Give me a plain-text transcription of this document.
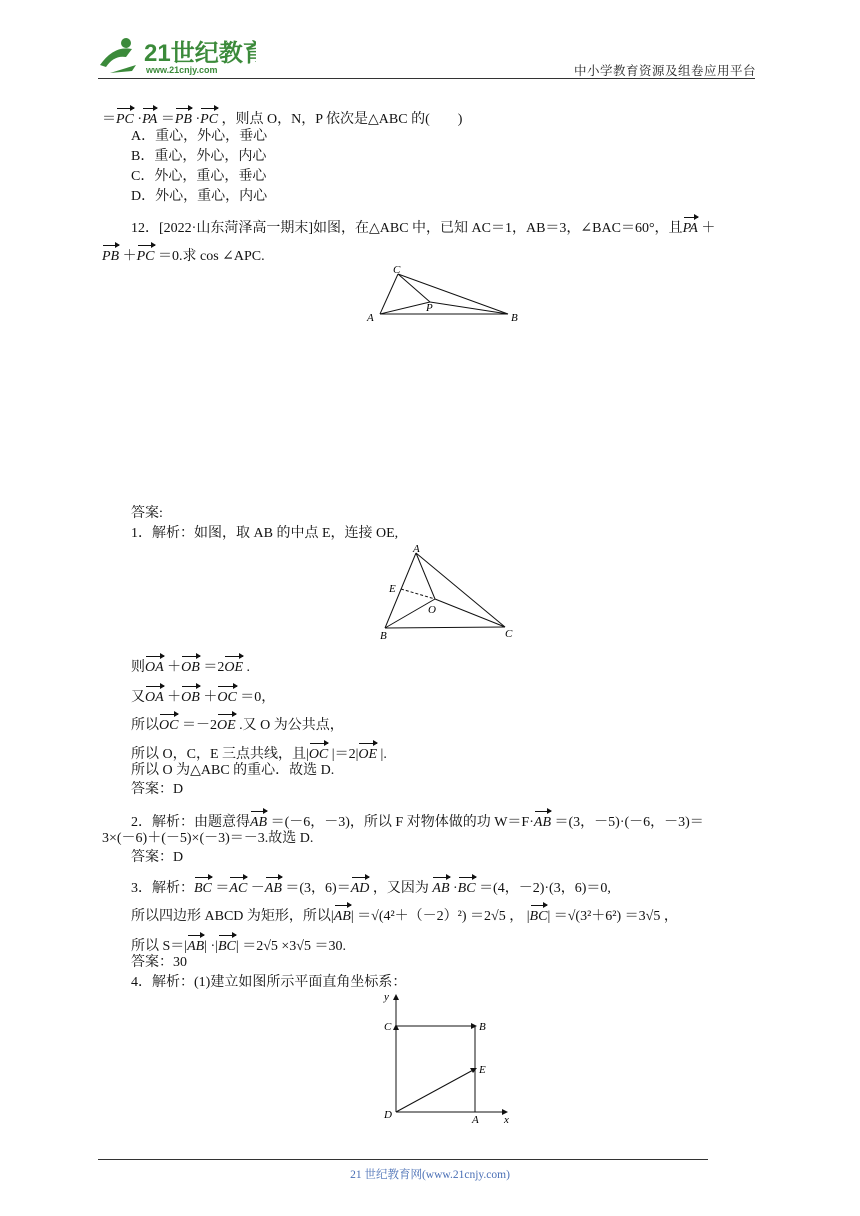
21世纪教育
www.21cnjy.com	中小学教育资源及组卷应用平台
＝PC ·PA ＝PB ·PC ，则点 O，N，P 依次是△ABC 的(　　)
A．重心，外心，垂心
B．重心，外心，内心
C．外心，重心，垂心
D．外心，重心，内心
12．[2022·山东菏泽高一期末]如图，在△ABC 中，已知 AC＝1，AB＝3，∠BAC＝60°，且PA ＋
PB ＋PC ＝0.求 cos ∠APC.
C
P
A	B
答案:
1．解析：如图，取 AB 的中点 E，连接 OE,
A
E
O
B	C
则OA ＋OB ＝2OE .
又OA ＋OB ＋OC ＝0，
所以OC ＝－2OE .又 O 为公共点，
所以 O，C，E 三点共线，且|OC |＝2|OE |.
所以 O 为△ABC 的重心．故选 D.
答案：D
2．解析：由题意得AB ＝(－6，－3)，所以 F 对物体做的功 W＝F·AB ＝(3，－5)·(－6，－3)＝
3×(－6)＋(－5)×(－3)＝－3.故选 D.
答案：D
3．解析：BC ＝AC －AB ＝(3，6)＝AD ，又因为 AB ·BC ＝(4，－2)·(3，6)＝0,
所以四边形 ABCD 为矩形，所以|AB| ＝√(4²＋（－2）²) ＝2√5 ， |BC| ＝√(3²＋6²) ＝3√5 ，
所以 S＝|AB| ·|BC| ＝2√5 ×3√5 ＝30.
答案：30
4．解析：(1)建立如图所示平面直角坐标系：
y
C	B
E
D	A x
21 世纪教育网(www.21cnjy.com)
